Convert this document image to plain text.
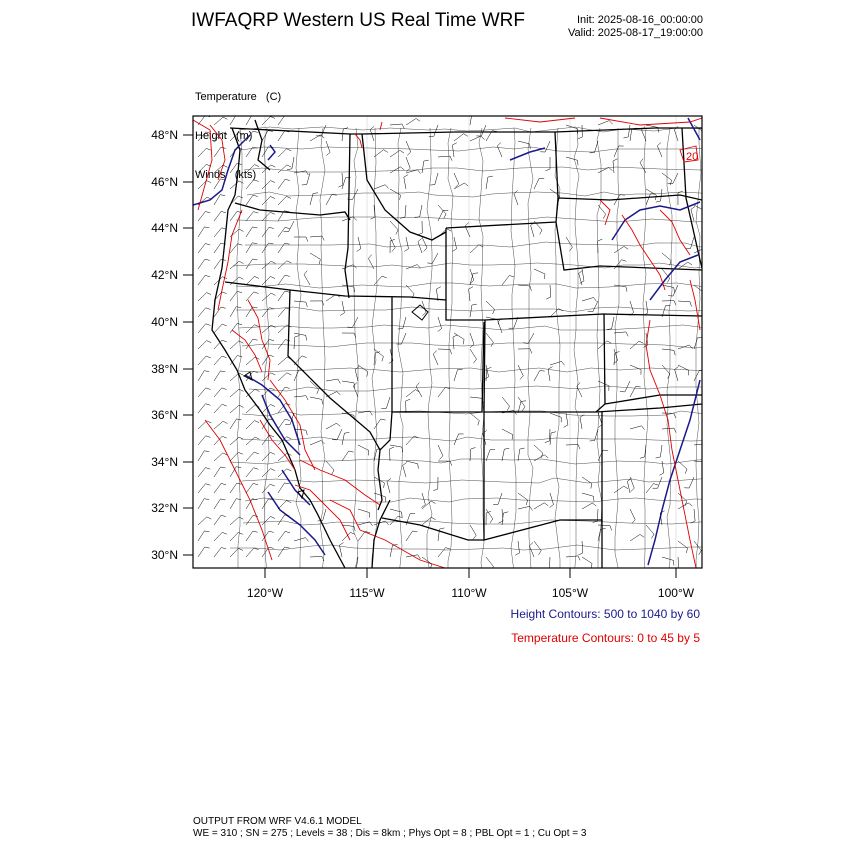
IWFAQRP Western US Real Time WRF	Init: 2025-08-16_00:00:00
Valid: 2025-08-17_19:00:00

Temperature   (C)

Height   (m)

Winds   (kts)

20
48°N
46°N
44°N
42°N
40°N
38°N
36°N
34°N
32°N
30°N
120°W	115°W	110°W	105°W	100°W
Height Contours: 500 to 1040 by 60
Temperature Contours: 0 to 45 by 5
OUTPUT FROM WRF V4.6.1 MODEL
WE = 310 ; SN = 275 ; Levels = 38 ; Dis = 8km ; Phys Opt = 8 ; PBL Opt = 1 ; Cu Opt = 3
